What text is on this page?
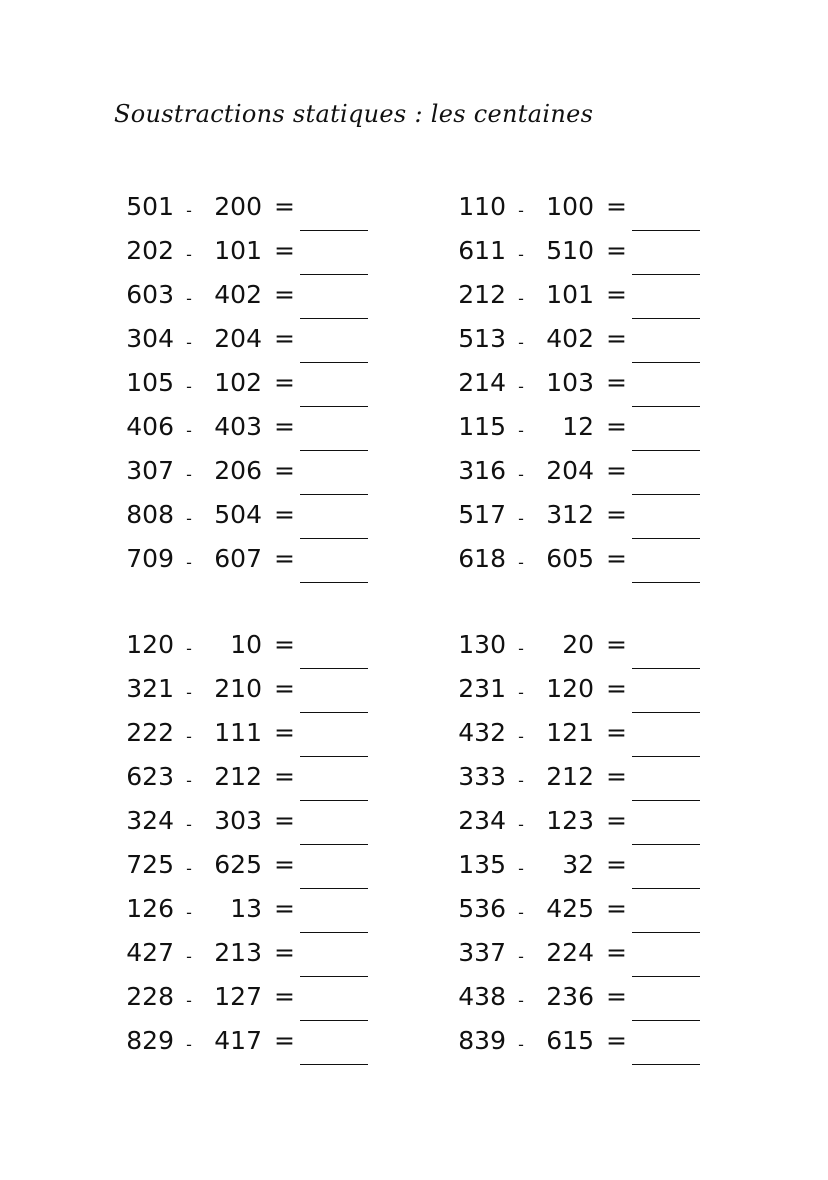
Soustractions statiques : les centaines
501 - 200 =
202 - 101 =
603 - 402 =
304 - 204 =
105 - 102 =
406 - 403 =
307 - 206 =
808 - 504 =
709 - 607 =
110 - 100 =
611 - 510 =
212 - 101 =
513 - 402 =
214 - 103 =
115 -	12 =
316 - 204 =
517 - 312 =
618 - 605 =
120 -	10 =
321 - 210 =
222 - 111 =
623 - 212 =
324 - 303 =
725 - 625 =
126 -	13 =
427 - 213 =
228 - 127 =
829 - 417 =
130 -	20 =
231 - 120 =
432 - 121 =
333 - 212 =
234 - 123 =
135 -	32 =
536 - 425 =
337 - 224 =
438 - 236 =
839 - 615 =
